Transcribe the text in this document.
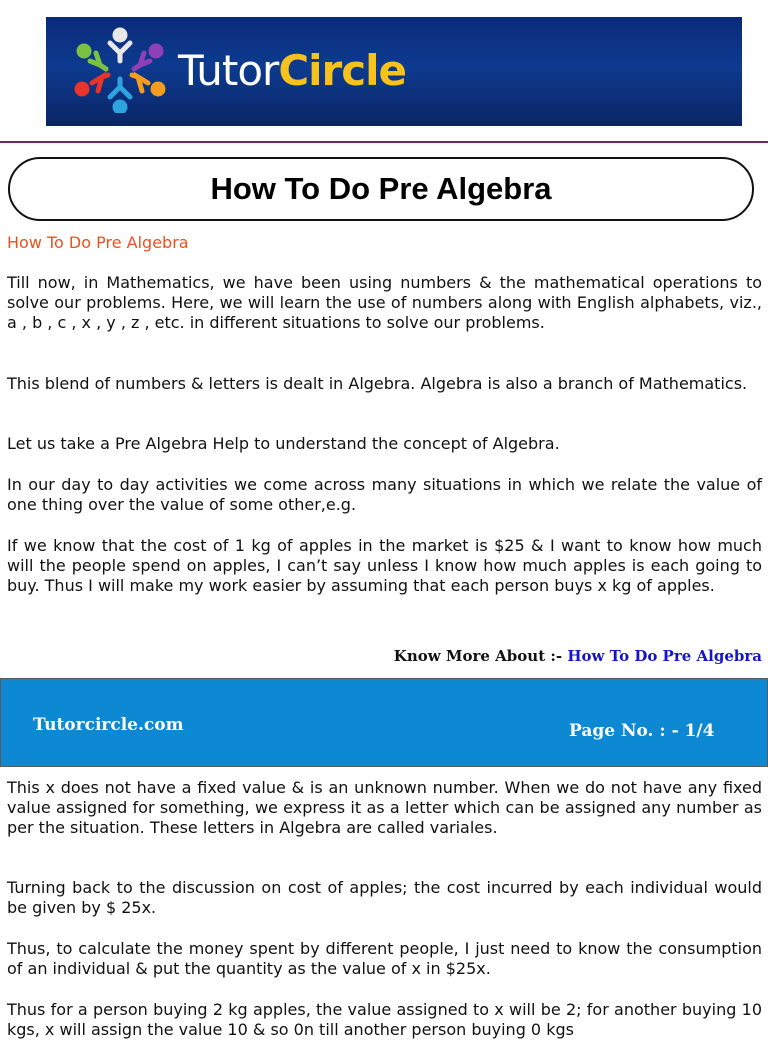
TutorCircle
How To Do Pre Algebra
How To Do Pre Algebra

Till now, in Mathematics, we have been using numbers & the mathematical operations to solve our problems. Here, we will learn the use of numbers along with English alphabets, viz., a , b , c , x , y , z , etc. in different situations to solve our problems.

This blend of numbers & letters is dealt in Algebra. Algebra is also a branch of Mathematics.

Let us take a Pre Algebra Help to understand the concept of Algebra.

In our day to day activities we come across many situations in which we relate the value of one thing over the value of some other,e.g.

If we know that the cost of 1 kg of apples in the market is $25 & I want to know how much will the people spend on apples, I can’t say unless I know how much apples is each going to buy. Thus I will make my work easier by assuming that each person buys x kg of apples.

Know More About :- How To Do Pre Algebra
Tutorcircle.com	Page No. : - 1/4

This x does not have a fixed value & is an unknown number. When we do not have any fixed value assigned for something, we express it as a letter which can be assigned any number as per the situation. These letters in Algebra are called variales.

Turning back to the discussion on cost of apples; the cost incurred by each individual would be given by $ 25x.

Thus, to calculate the money spent by different people, I just need to know the consumption of an individual & put the quantity as the value of x in $25x.

Thus for a person buying 2 kg apples, the value assigned to x will be 2; for another buying 10 kgs, x will assign the value 10 & so 0n till another person buying 0 kgs
